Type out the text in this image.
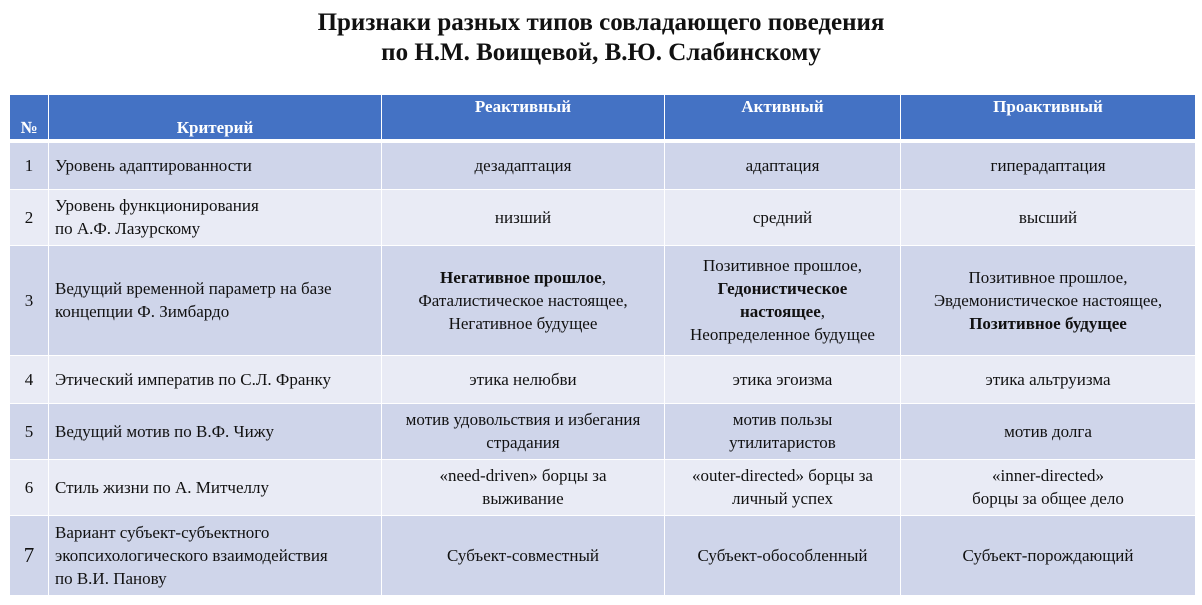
Признаки разных типов совладающего поведения
по Н.М. Воищевой, В.Ю. Слабинскому
№	Критерий	Реактивный	Активный	Проактивный
1	Уровень адаптированности	дезадаптация	адаптация	гиперадаптация
2	Уровень функционирования
по А.Ф. Лазурскому	низший	средний	высший
3	Ведущий временной параметр на базе
концепции Ф. Зимбардо	Негативное прошлое,
Фаталистическое настоящее,
Негативное будущее	Позитивное прошлое,
Гедонистическое
настоящее,
Неопределенное будущее	Позитивное прошлое,
Эвдемонистическое настоящее,
Позитивное будущее
4	Этический императив по С.Л. Франку	этика нелюбви	этика эгоизма	этика альтруизма
5	Ведущий мотив по В.Ф. Чижу	мотив удовольствия и избегания
страдания	мотив пользы
утилитаристов	мотив долга
6	Стиль жизни по А. Митчеллу	«need-driven» борцы за
выживание	«outer-directed» борцы за
личный успех	«inner-directed»
борцы за общее дело
7	Вариант субъект-субъектного
экопсихологического взаимодействия
по В.И. Панову	Субъект-совместный	Субъект-обособленный	Субъект-порождающий
